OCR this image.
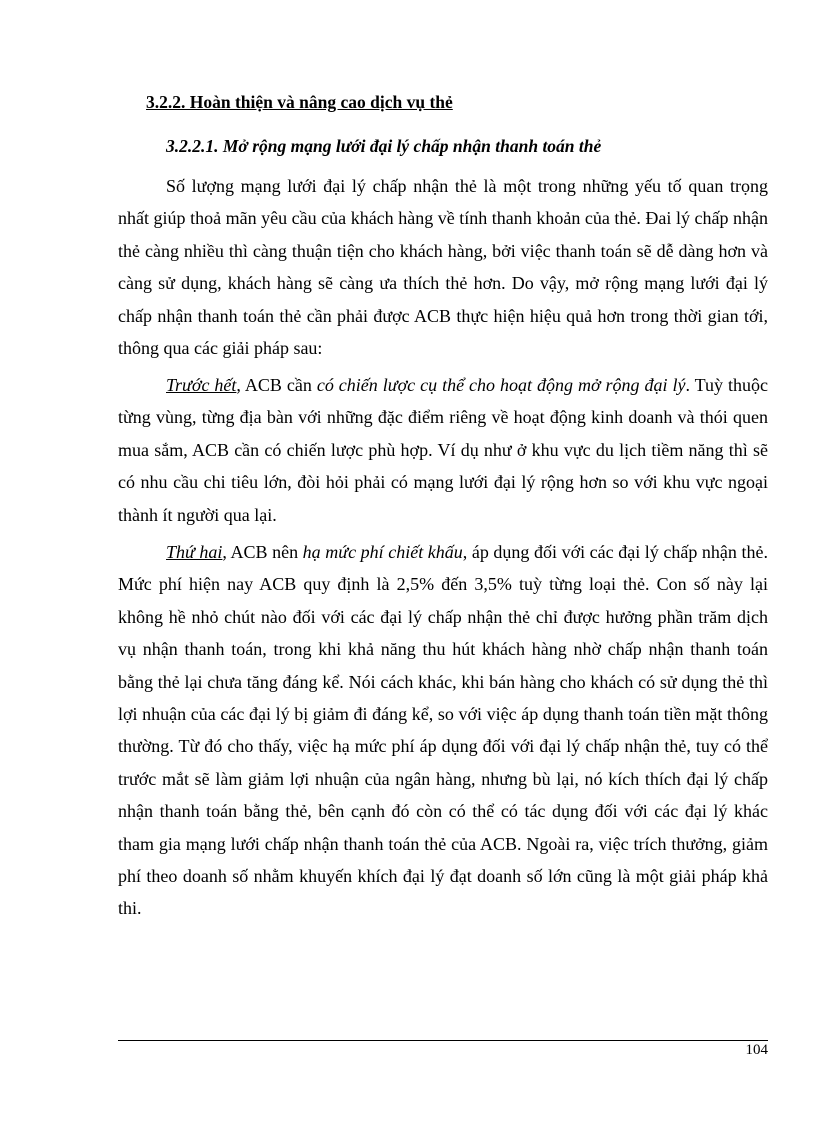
3.2.2. Hoàn thiện và nâng cao dịch vụ thẻ
3.2.2.1. Mở rộng mạng lưới đại lý chấp nhận thanh toán thẻ

Số lượng mạng lưới đại lý chấp nhận thẻ là một trong những yếu tố quan trọng nhất giúp thoả mãn yêu cầu của khách hàng về tính thanh khoản của thẻ. Đai lý chấp nhận thẻ càng nhiều thì càng thuận tiện cho khách hàng, bởi việc thanh toán sẽ dễ dàng hơn và càng sử dụng, khách hàng sẽ càng ưa thích thẻ hơn. Do vậy, mở rộng mạng lưới đại lý chấp nhận thanh toán thẻ cần phải được ACB thực hiện hiệu quả hơn trong thời gian tới, thông qua các giải pháp sau:

Trước hết, ACB cần có chiến lược cụ thể cho hoạt động mở rộng đại lý. Tuỳ thuộc từng vùng, từng địa bàn với những đặc điểm riêng về hoạt động kinh doanh và thói quen mua sắm, ACB cần có chiến lược phù hợp. Ví dụ như ở khu vực du lịch tiềm năng thì sẽ có nhu cầu chi tiêu lớn, đòi hỏi phải có mạng lưới đại lý rộng hơn so với khu vực ngoại thành ít người qua lại.

Thứ hai, ACB nên hạ mức phí chiết khấu, áp dụng đối với các đại lý chấp nhận thẻ. Mức phí hiện nay ACB quy định là 2,5% đến 3,5% tuỳ từng loại thẻ. Con số này lại không hề nhỏ chút nào đối với các đại lý chấp nhận thẻ chỉ được hưởng phần trăm dịch vụ nhận thanh toán, trong khi khả năng thu hút khách hàng nhờ chấp nhận thanh toán bằng thẻ lại chưa tăng đáng kể. Nói cách khác, khi bán hàng cho khách có sử dụng thẻ thì lợi nhuận của các đại lý bị giảm đi đáng kể, so với việc áp dụng thanh toán tiền mặt thông thường. Từ đó cho thấy, việc hạ mức phí áp dụng đối với đại lý chấp nhận thẻ, tuy có thể trước mắt sẽ làm giảm lợi nhuận của ngân hàng, nhưng bù lại, nó kích thích đại lý chấp nhận thanh toán bằng thẻ, bên cạnh đó còn có thể có tác dụng đối với các đại lý khác tham gia mạng lưới chấp nhận thanh toán thẻ của ACB. Ngoài ra, việc trích thưởng, giảm phí theo doanh số nhằm khuyến khích đại lý đạt doanh số lớn cũng là một giải pháp khả thi.

104
